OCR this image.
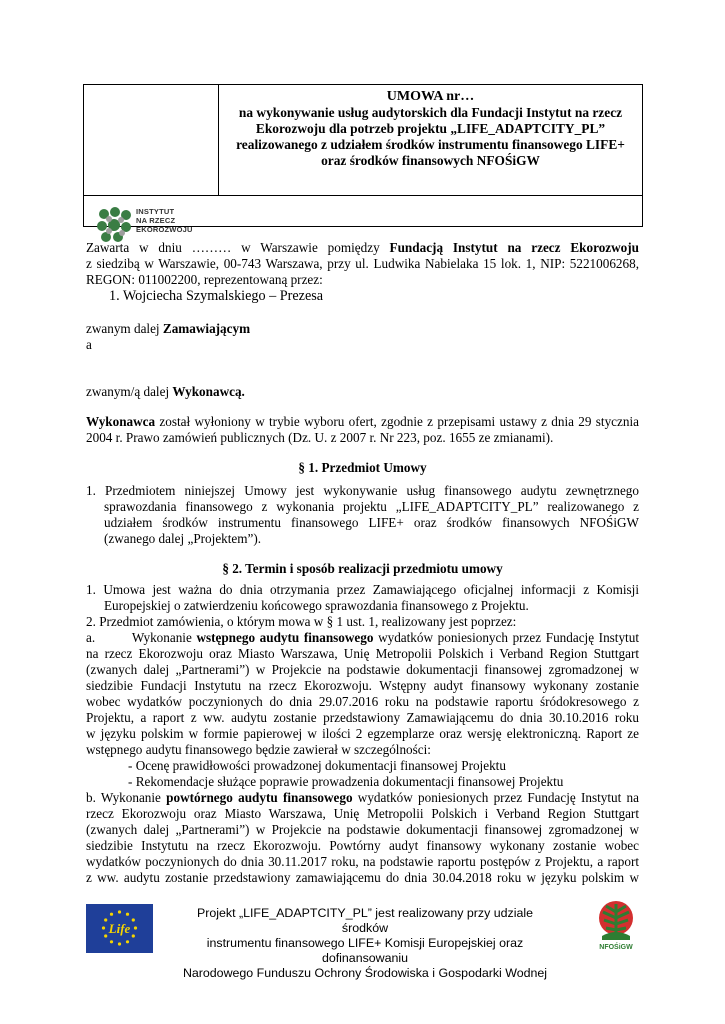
UMOWA nr…
na wykonywanie usług audytorskich dla Fundacji Instytut na rzecz
Ekorozwoju dla potrzeb projektu „LIFE_ADAPTCITY_PL”
realizowanego z udziałem środków instrumentu finansowego LIFE+
oraz środków finansowych NFOŚiGW
INSTYTUT
NA RZECZ
EKOROZWOJU
Zawarta w dniu ……… w Warszawie pomiędzy Fundacją Instytut na rzecz Ekorozwoju
z siedzibą w Warszawie, 00-743 Warszawa, przy ul. Ludwika Nabielaka 15 lok. 1, NIP: 5221006268,
REGON: 011002200, reprezentowaną przez:
1. Wojciecha Szymalskiego – Prezesa
zwanym dalej Zamawiającym
a
zwanym/ą dalej Wykonawcą.
Wykonawca został wyłoniony w trybie wyboru ofert, zgodnie z przepisami ustawy z dnia 29 stycznia
2004 r. Prawo zamówień publicznych (Dz. U. z 2007 r. Nr 223, poz. 1655 ze zmianami).
§ 1. Przedmiot Umowy
1. Przedmiotem niniejszej Umowy jest wykonywanie usług finansowego audytu zewnętrznego
sprawozdania finansowego z wykonania projektu „LIFE_ADAPTCITY_PL” realizowanego z
udziałem środków instrumentu finansowego LIFE+ oraz środków finansowych NFOŚiGW
(zwanego dalej „Projektem”).
§ 2. Termin i sposób realizacji przedmiotu umowy
1. Umowa jest ważna do dnia otrzymania przez Zamawiającego oficjalnej informacji z Komisji
Europejskiej o zatwierdzeniu końcowego sprawozdania finansowego z Projektu.
2. Przedmiot zamówienia, o którym mowa w § 1 ust. 1, realizowany jest poprzez:
a.        Wykonanie wstępnego audytu finansowego wydatków poniesionych przez Fundację Instytut
na rzecz Ekorozwoju oraz Miasto Warszawa, Unię Metropolii Polskich i Verband Region Stuttgart
(zwanych dalej „Partnerami”) w Projekcie na podstawie dokumentacji finansowej zgromadzonej w
siedzibie Fundacji Instytutu na rzecz Ekorozwoju. Wstępny audyt finansowy wykonany zostanie
wobec wydatków poczynionych do dnia 29.07.2016 roku na podstawie raportu śródokresowego z
Projektu, a raport z ww. audytu zostanie przedstawiony Zamawiającemu do dnia 30.10.2016 roku
w języku polskim w formie papierowej w ilości 2 egzemplarze oraz wersję elektroniczną. Raport ze
wstępnego audytu finansowego będzie zawierał w szczególności:
- Ocenę prawidłowości prowadzonej dokumentacji finansowej Projektu
- Rekomendacje służące poprawie prowadzenia dokumentacji finansowej Projektu
b. Wykonanie powtórnego audytu finansowego wydatków poniesionych przez Fundację Instytut na
rzecz Ekorozwoju oraz Miasto Warszawa, Unię Metropolii Polskich i Verband Region Stuttgart
(zwanych dalej „Partnerami”) w Projekcie na podstawie dokumentacji finansowej zgromadzonej w
siedzibie Instytutu na rzecz Ekorozwoju. Powtórny audyt finansowy wykonany zostanie wobec
wydatków poczynionych do dnia 30.11.2017 roku, na podstawie raportu postępów z Projektu, a raport
z ww. audytu zostanie przedstawiony zamawiającemu do dnia 30.04.2018 roku w języku polskim w
Life
Projekt „LIFE_ADAPTCITY_PL” jest realizowany przy udziale środków
instrumentu finansowego LIFE+ Komisji Europejskiej oraz dofinansowaniu
Narodowego Funduszu Ochrony Środowiska i Gospodarki Wodnej
NFOŚiGW
